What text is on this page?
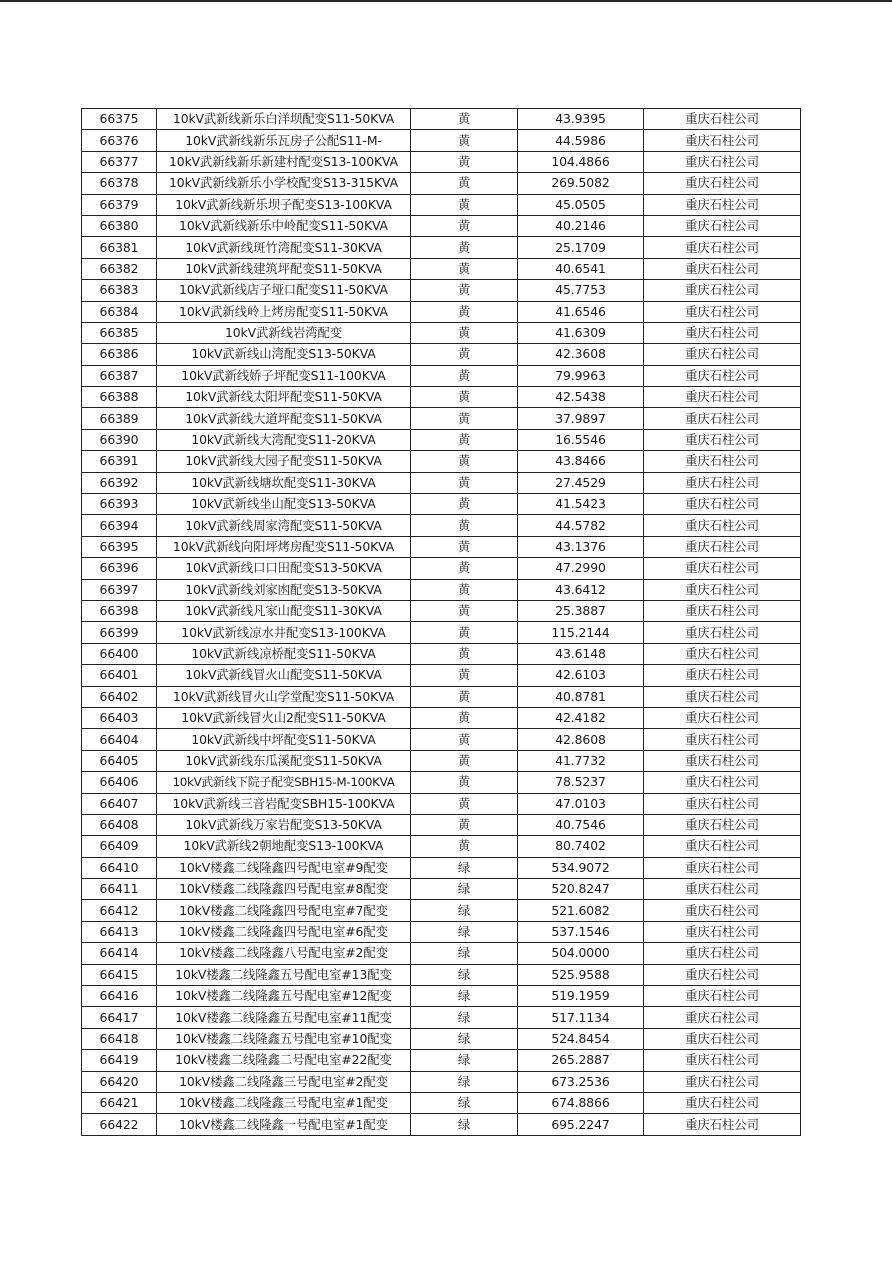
66375	10kV武新线新乐白洋坝配变S11-50KVA	黄	43.9395	重庆石柱公司
66376	10kV武新线新乐瓦房子公配S11-M-	黄	44.5986	重庆石柱公司
66377	10kV武新线新乐新建村配变S13-100KVA	黄	104.4866	重庆石柱公司
66378	10kV武新线新乐小学校配变S13-315KVA	黄	269.5082	重庆石柱公司
66379	10kV武新线新乐坝子配变S13-100KVA	黄	45.0505	重庆石柱公司
66380	10kV武新线新乐中岭配变S11-50KVA	黄	40.2146	重庆石柱公司
66381	10kV武新线斑竹湾配变S11-30KVA	黄	25.1709	重庆石柱公司
66382	10kV武新线建筑坪配变S11-50KVA	黄	40.6541	重庆石柱公司
66383	10kV武新线店子垭口配变S11-50KVA	黄	45.7753	重庆石柱公司
66384	10kV武新线岭上烤房配变S11-50KVA	黄	41.6546	重庆石柱公司
66385	10kV武新线岩湾配变	黄	41.6309	重庆石柱公司
66386	10kV武新线山湾配变S13-50KVA	黄	42.3608	重庆石柱公司
66387	10kV武新线娇子坪配变S11-100KVA	黄	79.9963	重庆石柱公司
66388	10kV武新线太阳坪配变S11-50KVA	黄	42.5438	重庆石柱公司
66389	10kV武新线大道坪配变S11-50KVA	黄	37.9897	重庆石柱公司
66390	10kV武新线大湾配变S11-20KVA	黄	16.5546	重庆石柱公司
66391	10kV武新线大园子配变S11-50KVA	黄	43.8466	重庆石柱公司
66392	10kV武新线塘坎配变S11-30KVA	黄	27.4529	重庆石柱公司
66393	10kV武新线坐山配变S13-50KVA	黄	41.5423	重庆石柱公司
66394	10kV武新线周家湾配变S11-50KVA	黄	44.5782	重庆石柱公司
66395	10kV武新线向阳坪烤房配变S11-50KVA	黄	43.1376	重庆石柱公司
66396	10kV武新线口口田配变S13-50KVA	黄	47.2990	重庆石柱公司
66397	10kV武新线刘家凼配变S13-50KVA	黄	43.6412	重庆石柱公司
66398	10kV武新线凡家山配变S11-30KVA	黄	25.3887	重庆石柱公司
66399	10kV武新线凉水井配变S13-100KVA	黄	115.2144	重庆石柱公司
66400	10kV武新线凉桥配变S11-50KVA	黄	43.6148	重庆石柱公司
66401	10kV武新线冒火山配变S11-50KVA	黄	42.6103	重庆石柱公司
66402	10kV武新线冒火山学堂配变S11-50KVA	黄	40.8781	重庆石柱公司
66403	10kV武新线冒火山2配变S11-50KVA	黄	42.4182	重庆石柱公司
66404	10kV武新线中坪配变S11-50KVA	黄	42.8608	重庆石柱公司
66405	10kV武新线东瓜溪配变S11-50KVA	黄	41.7732	重庆石柱公司
66406	10kV武新线下院子配变SBH15-M-100KVA	黄	78.5237	重庆石柱公司
66407	10kV武新线三音岩配变SBH15-100KVA	黄	47.0103	重庆石柱公司
66408	10kV武新线万家岩配变S13-50KVA	黄	40.7546	重庆石柱公司
66409	10kV武新线2朝地配变S13-100KVA	黄	80.7402	重庆石柱公司
66410	10kV楼鑫二线隆鑫四号配电室#9配变	绿	534.9072	重庆石柱公司
66411	10kV楼鑫二线隆鑫四号配电室#8配变	绿	520.8247	重庆石柱公司
66412	10kV楼鑫二线隆鑫四号配电室#7配变	绿	521.6082	重庆石柱公司
66413	10kV楼鑫二线隆鑫四号配电室#6配变	绿	537.1546	重庆石柱公司
66414	10kV楼鑫二线隆鑫八号配电室#2配变	绿	504.0000	重庆石柱公司
66415	10kV楼鑫二线隆鑫五号配电室#13配变	绿	525.9588	重庆石柱公司
66416	10kV楼鑫二线隆鑫五号配电室#12配变	绿	519.1959	重庆石柱公司
66417	10kV楼鑫二线隆鑫五号配电室#11配变	绿	517.1134	重庆石柱公司
66418	10kV楼鑫二线隆鑫五号配电室#10配变	绿	524.8454	重庆石柱公司
66419	10kV楼鑫二线隆鑫二号配电室#22配变	绿	265.2887	重庆石柱公司
66420	10kV楼鑫二线隆鑫三号配电室#2配变	绿	673.2536	重庆石柱公司
66421	10kV楼鑫二线隆鑫三号配电室#1配变	绿	674.8866	重庆石柱公司
66422	10kV楼鑫二线隆鑫一号配电室#1配变	绿	695.2247	重庆石柱公司
